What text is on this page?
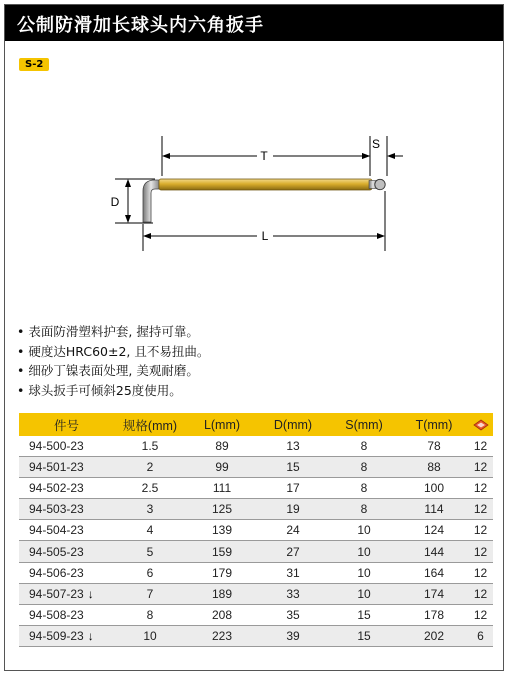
公制防滑加长球头内六角扳手
S-2
T
S
D
L
• 表面防滑塑料护套, 握持可靠。
• 硬度达HRC60±2, 且不易扭曲。
• 细砂丁镍表面处理, 美观耐磨。
• 球头扳手可倾斜25度使用。
件号	规格(mm)	L(mm)	D(mm)	S(mm)	T(mm)	
94-500-23	1.5	89	13	8	78	12
94-501-23	2	99	15	8	88	12
94-502-23	2.5	111	17	8	100	12
94-503-23	3	125	19	8	114	12
94-504-23	4	139	24	10	124	12
94-505-23	5	159	27	10	144	12
94-506-23	6	179	31	10	164	12
94-507-23 ↓	7	189	33	10	174	12
94-508-23	8	208	35	15	178	12
94-509-23 ↓	10	223	39	15	202	6
